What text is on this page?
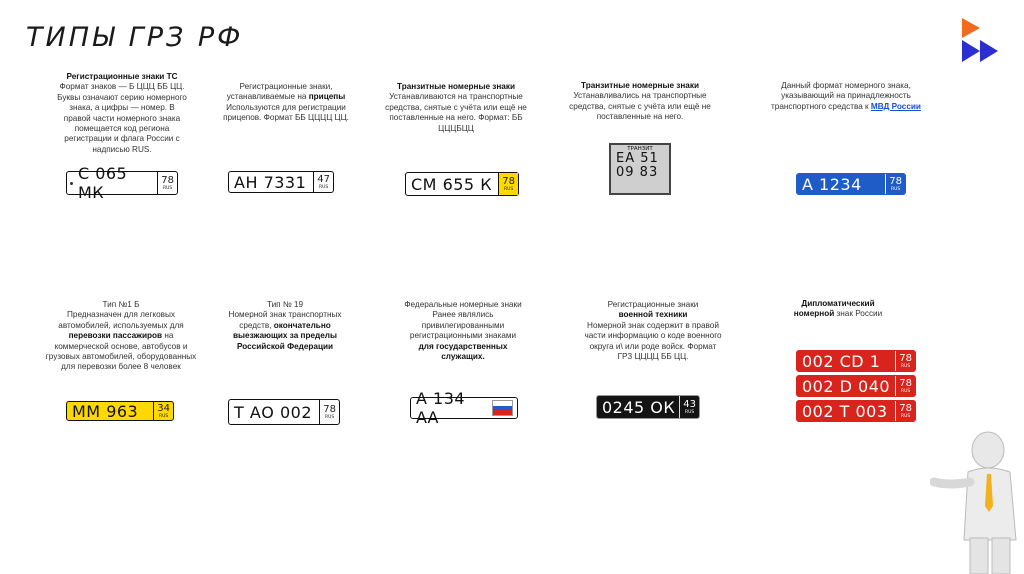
ТИПЫ ГРЗ РФ
Регистрационные знаки ТС
Формат знаков — Б ЦЦЦ ББ ЦЦ. Буквы означают серию номерного знака, а цифры — номер. В правой части номерного знака помещается код региона регистрации и флага России с надписью RUS.
С 065 МК
78
RUS
Регистрационные знаки, устанавливаемые на прицепы Используются для регистрации прицепов. Формат ББ ЦЦЦЦ ЦЦ.
АН 7331 47
RUS
Транзитные номерные знаки
Устанавливаются на транспортные средства, снятые с учёта или ещё не поставленные на него. Формат: ББ ЦЦЦБЦЦ
СМ 655 К 78
RUS
Транзитные номерные знаки
Устанавливались на транспортные средства, снятые с учёта или ещё не поставленные на него.
ТРАНЗИТ
ЕА 51
09 83
Данный формат номерного знака, указывающий на принадлежность транспортного средства к МВД России
А 1234	78
RUS
Тип №1 Б
Предназначен для легковых автомобилей, используемых для перевозки пассажиров на коммерческой основе, автобусов и грузовых автомобилей, оборудованных для перевозки более 8 человек
ММ 963 34
RUS
Тип № 19
Номерной знак транспортных средств, окончательно выезжающих за пределы Российской Федерации
Т АО 002 78
RUS
Федеральные номерные знаки Ранее являлись привилегированными регистрационными знаками для государственных служащих.
А 134 АА
Регистрационные знаки
военной техники
Номерной знак содержит в правой части информацию о коде военного округа и\ или роде войск. Формат ГРЗ ЦЦЦЦ ББ ЦЦ.
0245 ОК 43
RUS
Дипломатический номерной знак России
002 CD 1 78
RUS
002 D 040 78
RUS
002 Т 003 78
RUS
